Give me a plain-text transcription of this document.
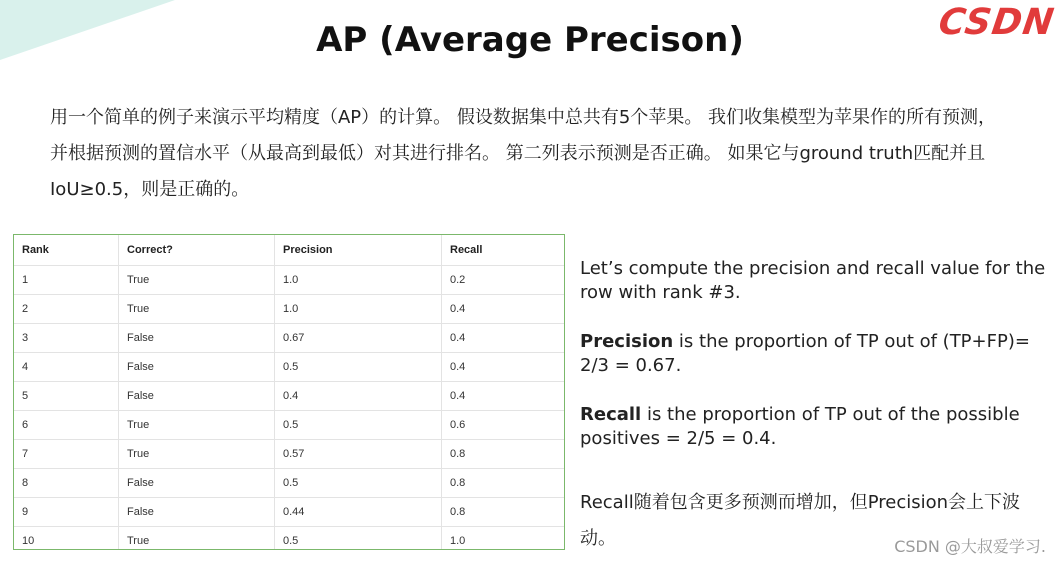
CSDN
AP (Average Precison)
用一个简单的例子来演示平均精度（AP）的计算。 假设数据集中总共有5个苹果。 我们收集模型为苹果作的所有预测，并根据预测的置信水平（从最高到最低）对其进行排名。 第二列表示预测是否正确。 如果它与ground truth匹配并且IoU≥0.5，则是正确的。
Rank	Correct?	Precision	Recall
1	True	1.0	0.2
2	True	1.0	0.4
3	False	0.67	0.4
4	False	0.5	0.4
5	False	0.4	0.4
6	True	0.5	0.6
7	True	0.57	0.8
8	False	0.5	0.8
9	False	0.44	0.8
10	True	0.5	1.0

Let’s compute the precision and recall value for the row with rank #3.

Precision is the proportion of TP out of (TP+FP)= 2/3 = 0.67.

Recall is the proportion of TP out of the possible positives = 2/5 = 0.4.

Recall随着包含更多预测而增加，但Precision会上下波动。	CSDN @大叔爱学习.
